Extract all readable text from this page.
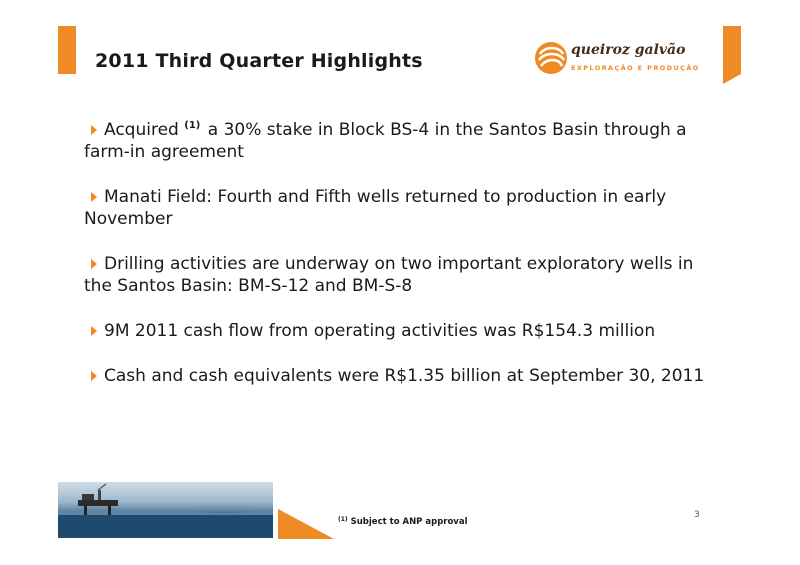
2011 Third Quarter Highlights	queiroz galvão
EXPLORAÇÃO E PRODUÇÃO
Acquired $^{(1)}$ a 30% stake in Block BS-4 in the Santos Basin through a farm-in agreement
Manati Field: Fourth and Fifth wells returned to production in early November
Drilling activities are underway on two important exploratory wells in the Santos Basin: BM-S-12 and BM-S-8
9M 2011 cash flow from operating activities was R$154.3 million
Cash and cash equivalents were R$1.35 billion at September 30, 2011
$^{(1)}$ Subject to ANP approval
3
